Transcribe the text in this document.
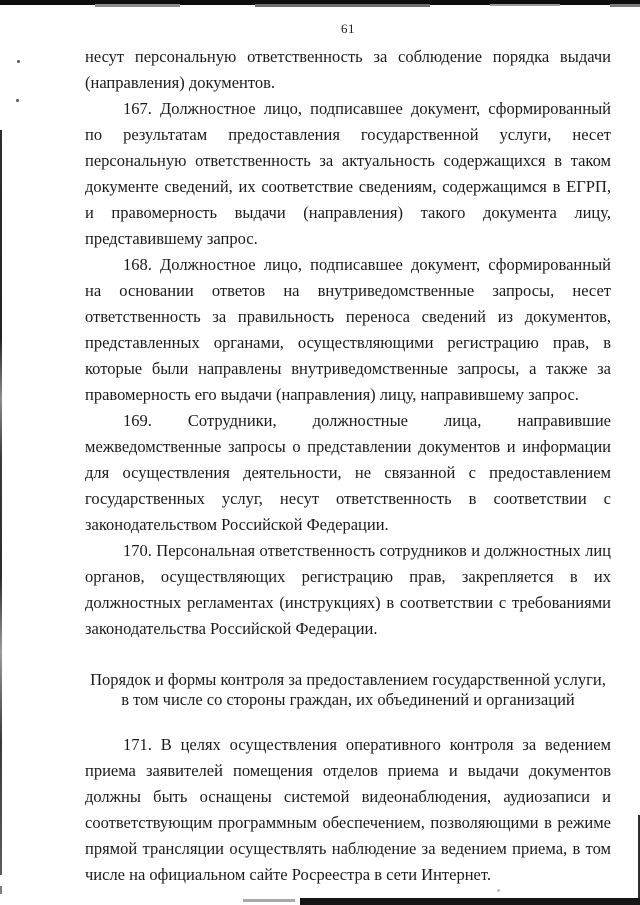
61

несут персональную ответственность за соблюдение порядка выдачи (направления) документов.

167. Должностное лицо, подписавшее документ, сформированный по результатам предоставления государственной услуги, несет персональную ответственность за актуальность содержащихся в таком документе сведений, их соответствие сведениям, содержащимся в ЕГРП, и правомерность выдачи (направления) такого документа лицу, представившему запрос.

168. Должностное лицо, подписавшее документ, сформированный на основании ответов на внутриведомственные запросы, несет ответственность за правильность переноса сведений из документов, представленных органами, осуществляющими регистрацию прав, в которые были направлены внутриведомственные запросы, а также за правомерность его выдачи (направления) лицу, направившему запрос.

169. Сотрудники, должностные лица, направившие межведомственные запросы о представлении документов и информации для осуществления деятельности, не связанной с предоставлением государственных услуг, несут ответственность в соответствии с законодательством Российской Федерации.

170. Персональная ответственность сотрудников и должностных лиц органов, осуществляющих регистрацию прав, закрепляется в их должностных регламентах (инструкциях) в соответствии с требованиями законодательства Российской Федерации.

Порядок и формы контроля за предоставлением государственной услуги, в том числе со стороны граждан, их объединений и организаций

171. В целях осуществления оперативного контроля за ведением приема заявителей помещения отделов приема и выдачи документов должны быть оснащены системой видеонаблюдения, аудиозаписи и соответствующим программным обеспечением, позволяющими в режиме прямой трансляции осуществлять наблюдение за ведением приема, в том числе на официальном сайте Росреестра в сети Интернет.
